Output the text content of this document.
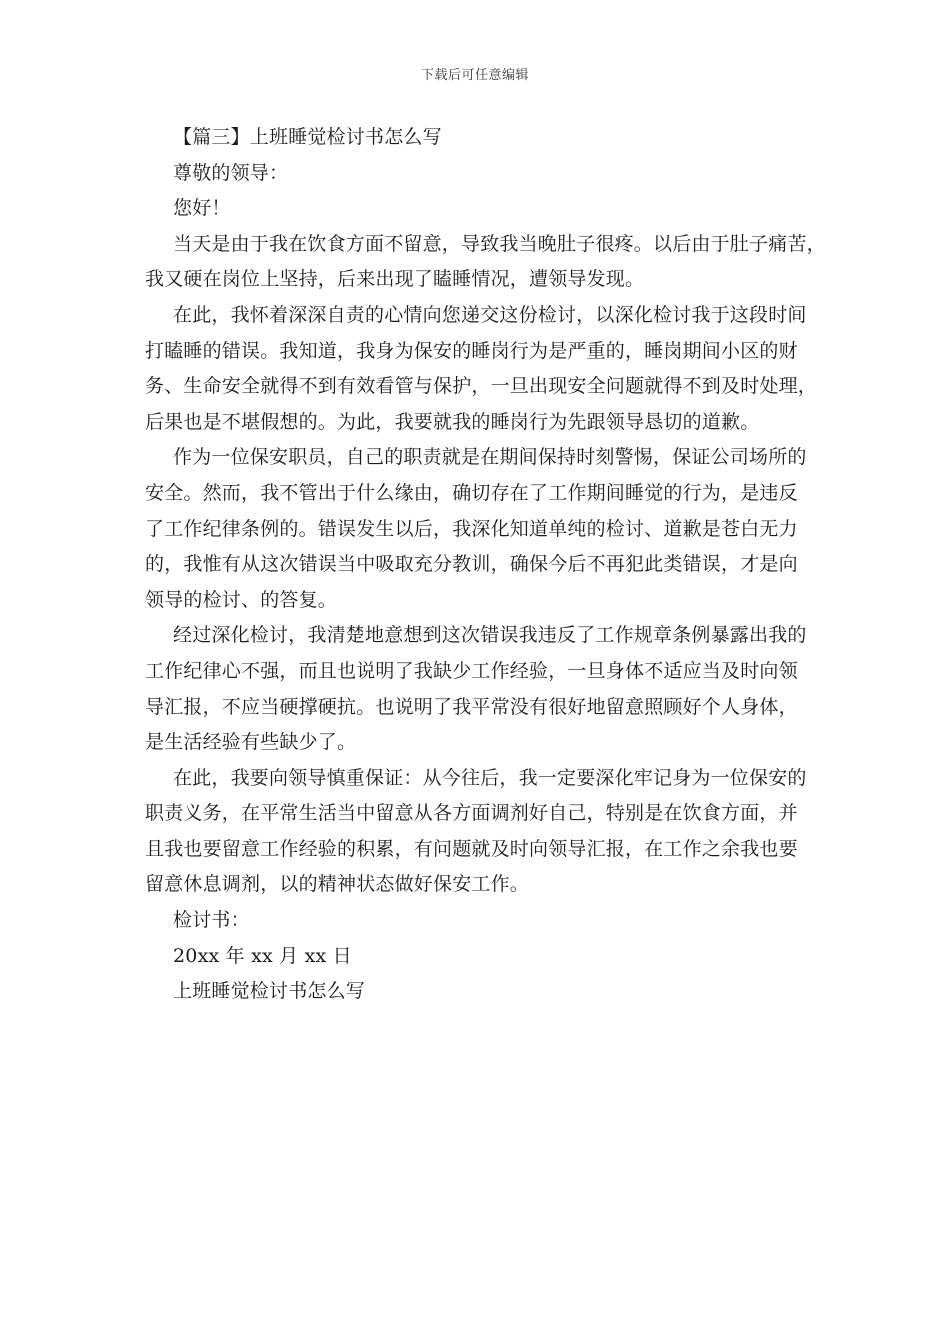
下载后可任意编辑
【篇三】上班睡觉检讨书怎么写
尊敬的领导：
您好！
当天是由于我在饮食方面不留意，导致我当晚肚子很疼。以后由于肚子痛苦，
我又硬在岗位上坚持，后来出现了瞌睡情况，遭领导发现。
在此，我怀着深深自责的心情向您递交这份检讨，以深化检讨我于这段时间
打瞌睡的错误。我知道，我身为保安的睡岗行为是严重的，睡岗期间小区的财
务、生命安全就得不到有效看管与保护，一旦出现安全问题就得不到及时处理，
后果也是不堪假想的。为此，我要就我的睡岗行为先跟领导恳切的道歉。
作为一位保安职员，自己的职责就是在期间保持时刻警惕，保证公司场所的
安全。然而，我不管出于什么缘由，确切存在了工作期间睡觉的行为，是违反
了工作纪律条例的。错误发生以后，我深化知道单纯的检讨、道歉是苍白无力
的，我惟有从这次错误当中吸取充分教训，确保今后不再犯此类错误，才是向
领导的检讨、的答复。
经过深化检讨，我清楚地意想到这次错误我违反了工作规章条例暴露出我的
工作纪律心不强，而且也说明了我缺少工作经验，一旦身体不适应当及时向领
导汇报，不应当硬撑硬抗。也说明了我平常没有很好地留意照顾好个人身体，
是生活经验有些缺少了。
在此，我要向领导慎重保证：从今往后，我一定要深化牢记身为一位保安的
职责义务，在平常生活当中留意从各方面调剂好自己，特别是在饮食方面，并
且我也要留意工作经验的积累，有问题就及时向领导汇报，在工作之余我也要
留意休息调剂，以的精神状态做好保安工作。
检讨书：
20xx 年 xx 月 xx 日
上班睡觉检讨书怎么写
